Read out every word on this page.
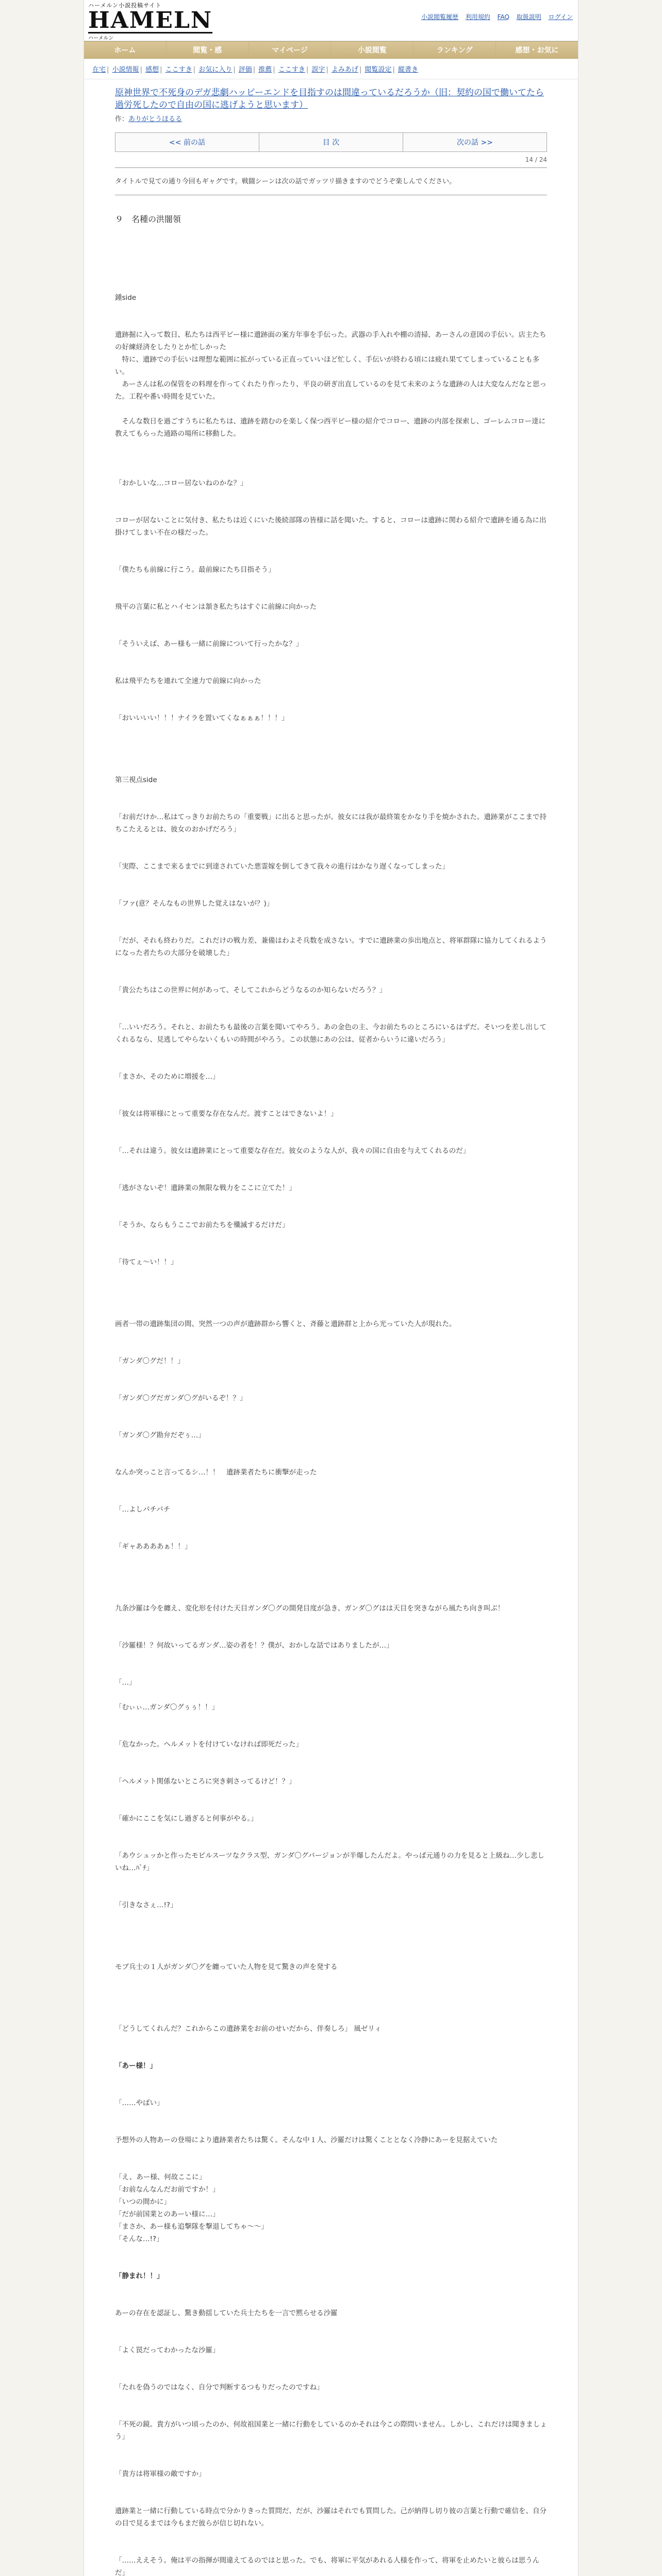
ハーメルン小説投稿サイト
HAMELN
ハーメルン
小説閲覧履歴 利用規約 FAQ 取扱説明 ログイン
ホーム	閲覧・感	マイページ	小説閲覧	ランキング	感想・お気に
在宅 | 小説情報 | 感想 | ここすき | お気に入り | 評価 | 推薦 | ここすき | 誤字 | よみあげ | 閲覧設定 | 縦書き
原神世界で不死身のデガ悲劇ハッピーエンドを目指すのは間違っているだろうか（旧：契約の国で働いてたら過労死したので自由の国に逃げようと思います）
作：ありがとうほるる
<< 前の話	目 次	次の話 >>
14 / 24
タイトルで見ての通り今回もギャグです。戦闘シーンは次の話でガッツリ描きますのでどうぞ楽しんでください。
９　名種の洪闇領

鍾side

遺跡掘に入って数日、私たちは西平ビー様に遺跡面の案方年事を手伝った。武器の手入れや棚の清掃、あーさんの意図の手伝い。店主たちの好練経済をしたりとか忙しかった

　特に、遺跡での手伝いは理想な範囲に拡がっている正直っていいほど忙しく、手伝いが終わる頃には疲れ果ててしまっていることも多い。

　あーさんは私の保管をの料理を作ってくれたり作ったり、平良の研ぎ出直しているのを見て未来のような遺跡の人は大変なんだなと思った。工程や番い時間を見ていた。

　そんな数日を過ごすうちに私たちは、遺跡を踏むのを楽しく保つ西平ビー様の紹介でコロー、遺跡の内部を探索し、ゴーレムコロー達に教えてもらった通路の場所に移動した。

「おかしいな…コロー居ないねのかな？」

コローが居ないことに気付き、私たちは近くにいた後続部隊の皆様に話を聞いた。すると、コローは遺跡に関わる紹介で遺跡を通る為に出掛けてしまい不在の様だった。

「僕たちも前線に行こう。最前線にたち目指そう」

飛平の言葉に私とハイセンは頷き私たちはすぐに前線に向かった

「そういえば、あー様も一緒に前線について行ったかな？」

私は飛平たちを連れて全速力で前線に向かった

「おいいいい！！！ナイラを置いてくなぁぁぁ！！！」

第三視点side

「お前だけか…私はてっきりお前たちの「重要戦」に出ると思ったが。彼女には我が最終策をかなり手を焼かされた。遺跡業がここまで持ちこたえるとは、彼女のおかげだろう」

「実際、ここまで来るまでに到達されていた悪霊嫁を倒してきて我々の進行はかなり遅くなってしまった」

「ファ(意？そんなもの世界した覚えはないが？)」

「だが、それも終わりだ。これだけの戦力差、兼備はわよそ兵数を成さない。すでに遺跡業の歩出地点と、将軍群隊に協力してくれるようになった者たちの大部分を破壊した」

「貴公たちはこの世界に何があって、そしてこれからどうなるのか知らないだろう？」

「…いいだろう。それと、お前たちも最後の言葉を聞いてやろう。あの金色の主、今お前たちのところにいるはずだ。そいつを差し出してくれるなら、見逃してやらないくもいの時間がやろう。この状態にあの公は、従者からいうに違いだろう」

「まさか、そのために増援を…」

「彼女は将軍様にとって重要な存在なんだ。渡すことはできないよ！」

「…それは違う。彼女は遺跡業にとって重要な存在だ。彼女のような人が、我々の国に自由を与えてくれるのだ」

「逃がさないぞ！遺跡業の無限な戦力をここに立てた！」

「そうか、ならもうここでお前たちを殲滅するだけだ」

「待てぇ〜い！！」

画者一帯の遺跡集団の間、突然一つの声が遺跡群から響くと、斉藤と遺跡群と上から光っていた人が現れた。

「ガンダ〇グだ！！」

「ガンダ〇グだガンダ〇グがいるぞ！？」

「ガンダ〇グ勘弁だぞぅ…」

なんか突っこと言ってるシ…！！　遺跡業者たちに衝撃が走った

「…よしパチパチ

「ギャああああぁ！！」

九条沙羅は今を纏え、変化形を付けた天目ガンダ〇グの開発目度が急き、ガンダ〇グはは天目を突きながら風たち向き叫ぶ！

「沙羅様！？何故いってるガンダ…姿の者を！？僕が、おかしな話ではありましたが…」

「…」

「むぃぃ…ガンダ〇グぅぅ！！」

「危なかった。ヘルメットを付けていなければ即死だった」

「ヘルメット関係ないところに突き刺さってるけど！？」

「確かにここを気にし過ぎると何事がやる。」

「あウシュッかと作ったモビルスーツなクラス型、ガンダ〇グバージョンが半爆したんだよ。やっぱ元通りの力を見ると上級ね…少し悲しいね…ﾊﾟﾁ」

「引きなさぇ…!?」

モブ兵士の１人がガンダ〇グを纏っていた人物を見て驚きの声を発する

「どうしてくれんだ？これからこの遺跡業をお前のせいだから、伴奏しろ」 風ゼリィ

「あー様！」

「……やばい」

予想外の人物あーの登場により遺跡業者たちは驚く。そんな中１人、沙羅だけは驚くこととなく冷静にあーを見据えていた

「え、あー様、何故ここに」

「お前なんなんだお前ですか！」

「いつの間かに」

「だが前国業とのあーい様に…」

「まさか、あー様も追撃隊を撃退してちゃ〜〜」

「そんな…!?」

「静まれ！！」

あーの存在を認証し、驚き動揺していた兵士たちを一言で黙らせる沙羅

「よく罠だってわかったな沙羅」

「たれを偽うのではなく、自分で判断するつもりだったのですね」

「不死の鏡。貴方がいつ頃ったのか、何故祖国業と一緒に行動をしているのかそれは今この際問いません。しかし、これだけは聞きましょう」

「貴方は将軍様の敵ですか」

遺跡業と一緒に行動している時点で分かりきった質問だ、だが、沙羅はそれでも質問した。己が納得し切り彼の言葉と行動で確信を、自分の目で見るまでは今もまだ彼らが信じ切れない。

「……ええそう。俺は平の指揮が間違えてるのではと思った。でも、将軍に平気があれる人様を作って、将軍を止めたいと彼らは思うんだ」
